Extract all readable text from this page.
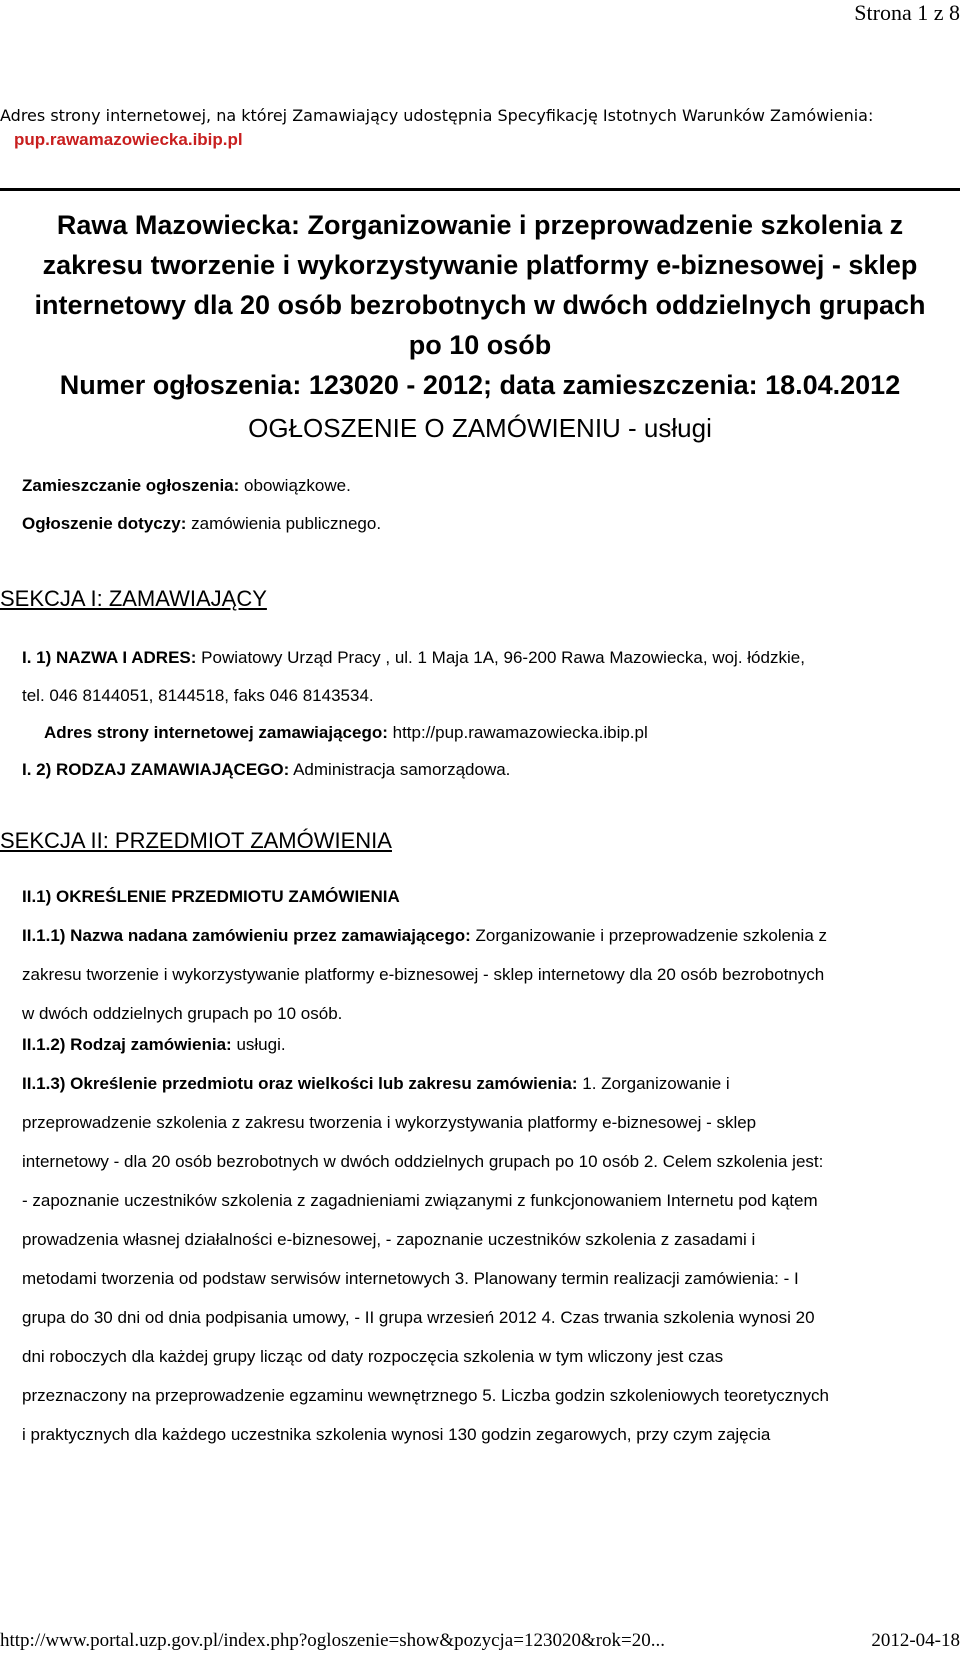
Strona 1 z 8
Adres strony internetowej, na której Zamawiający udostępnia Specyfikację Istotnych Warunków Zamówienia:
pup.rawamazowiecka.ibip.pl
Rawa Mazowiecka: Zorganizowanie i przeprowadzenie szkolenia z
zakresu tworzenie i wykorzystywanie platformy e-biznesowej - sklep
internetowy dla 20 osób bezrobotnych w dwóch oddzielnych grupach
po 10 osób
Numer ogłoszenia: 123020 - 2012; data zamieszczenia: 18.04.2012
OGŁOSZENIE O ZAMÓWIENIU - usługi
Zamieszczanie ogłoszenia: obowiązkowe.
Ogłoszenie dotyczy: zamówienia publicznego.
SEKCJA I: ZAMAWIAJĄCY
I. 1) NAZWA I ADRES: Powiatowy Urząd Pracy , ul. 1 Maja 1A, 96-200 Rawa Mazowiecka, woj. łódzkie,
tel. 046 8144051, 8144518, faks 046 8143534.
Adres strony internetowej zamawiającego: http://pup.rawamazowiecka.ibip.pl
I. 2) RODZAJ ZAMAWIAJĄCEGO: Administracja samorządowa.
SEKCJA II: PRZEDMIOT ZAMÓWIENIA
II.1) OKREŚLENIE PRZEDMIOTU ZAMÓWIENIA
II.1.1) Nazwa nadana zamówieniu przez zamawiającego: Zorganizowanie i przeprowadzenie szkolenia z
zakresu tworzenie i wykorzystywanie platformy e-biznesowej - sklep internetowy dla 20 osób bezrobotnych
w dwóch oddzielnych grupach po 10 osób.
II.1.2) Rodzaj zamówienia: usługi.
II.1.3) Określenie przedmiotu oraz wielkości lub zakresu zamówienia: 1. Zorganizowanie i
przeprowadzenie szkolenia z zakresu tworzenia i wykorzystywania platformy e-biznesowej - sklep
internetowy - dla 20 osób bezrobotnych w dwóch oddzielnych grupach po 10 osób 2. Celem szkolenia jest:
- zapoznanie uczestników szkolenia z zagadnieniami związanymi z funkcjonowaniem Internetu pod kątem
prowadzenia własnej działalności e-biznesowej, - zapoznanie uczestników szkolenia z zasadami i
metodami tworzenia od podstaw serwisów internetowych 3. Planowany termin realizacji zamówienia: - I
grupa do 30 dni od dnia podpisania umowy, - II grupa wrzesień 2012 4. Czas trwania szkolenia wynosi 20
dni roboczych dla każdej grupy licząc od daty rozpoczęcia szkolenia w tym wliczony jest czas
przeznaczony na przeprowadzenie egzaminu wewnętrznego 5. Liczba godzin szkoleniowych teoretycznych
i praktycznych dla każdego uczestnika szkolenia wynosi 130 godzin zegarowych, przy czym zajęcia
http://www.portal.uzp.gov.pl/index.php?ogloszenie=show&pozycja=123020&rok=20...	2012-04-18
